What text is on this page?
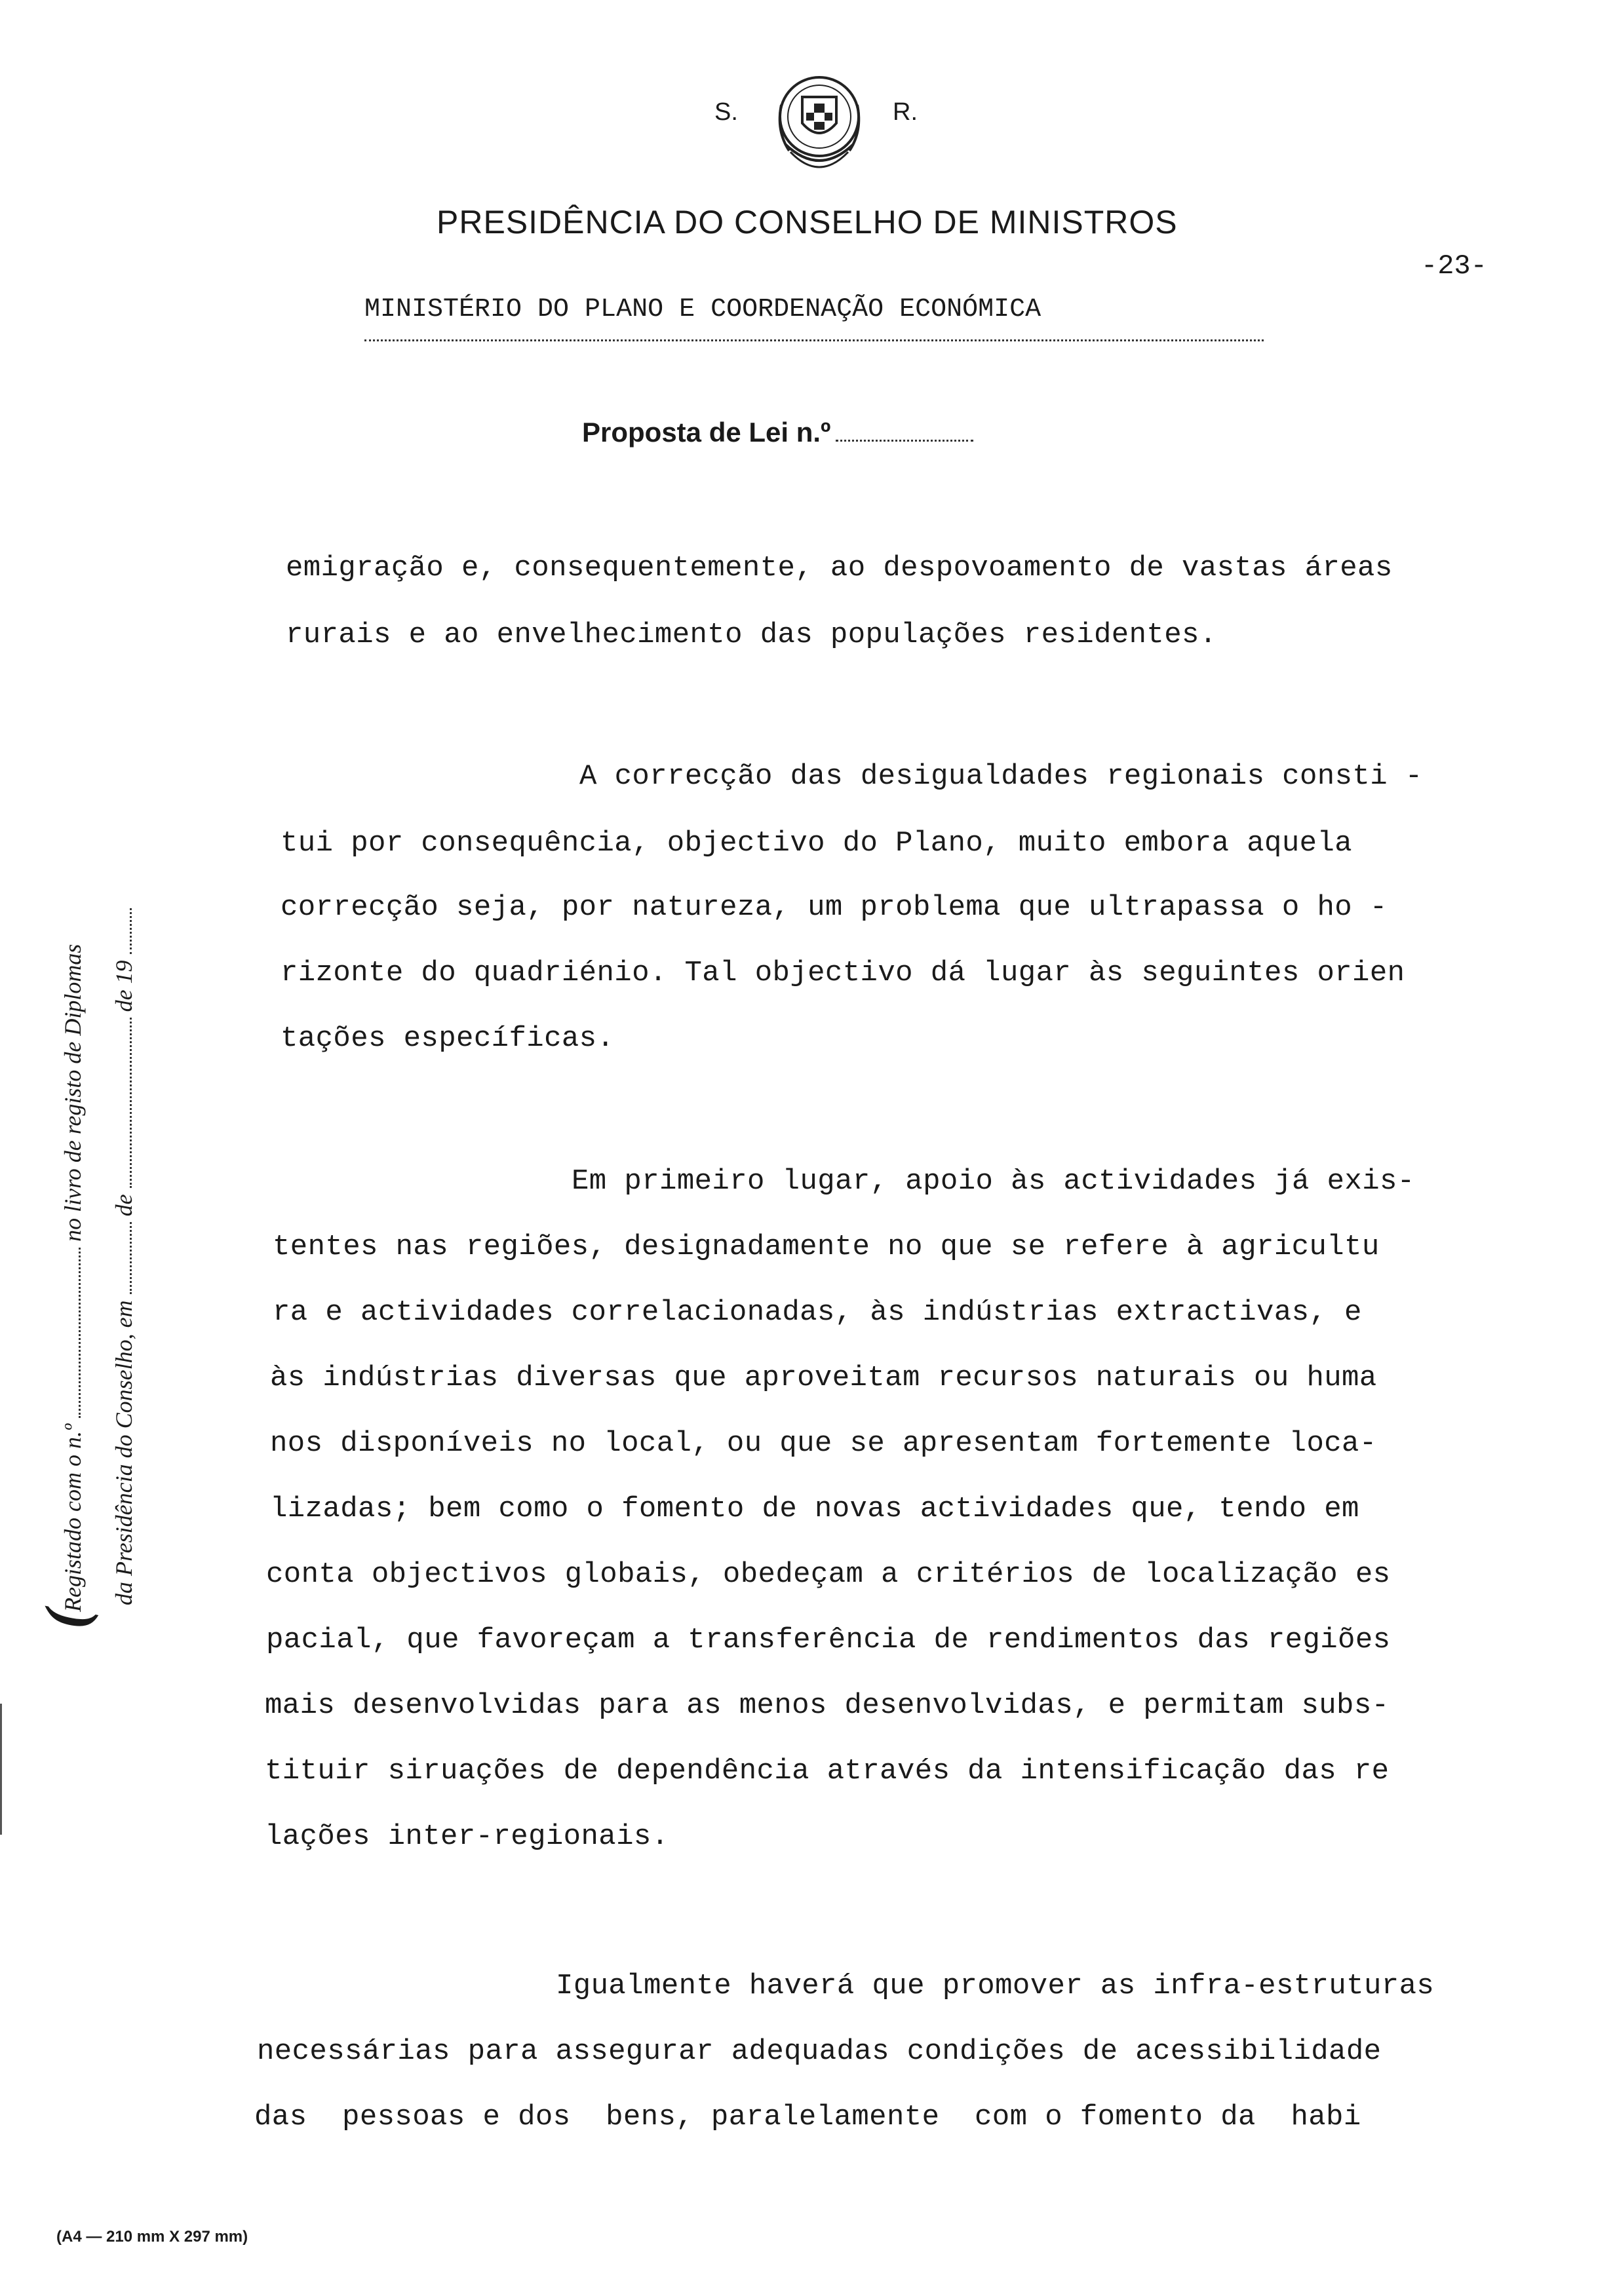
S.	R.
PRESIDÊNCIA DO CONSELHO DE MINISTROS
-23-
MINISTÉRIO DO PLANO E COORDENAÇÃO ECONÓMICA
Proposta de Lei n.º
emigração e, consequentemente, ao despovoamento de vastas áreas
rurais e ao envelhecimento das populações residentes.
A correcção das desigualdades regionais consti -
tui por consequência, objectivo do Plano, muito embora aquela
correcção seja, por natureza, um problema que ultrapassa o ho -
rizonte do quadriénio. Tal objectivo dá lugar às seguintes orien
tações específicas.
Em primeiro lugar, apoio às actividades já exis-
tentes nas regiões, designadamente no que se refere à agricultu
ra e actividades correlacionadas, às indústrias extractivas, e
às indústrias diversas que aproveitam recursos naturais ou huma
nos disponíveis no local, ou que se apresentam fortemente loca-
lizadas; bem como o fomento de novas actividades que, tendo em
conta objectivos globais, obedeçam a critérios de localização es
pacial, que favoreçam a transferência de rendimentos das regiões
mais desenvolvidas para as menos desenvolvidas, e permitam subs-
tituir siruações de dependência através da intensificação das re
lações inter-regionais.
Igualmente haverá que promover as infra-estruturas
necessárias para assegurar adequadas condições de acessibilidade
das  pessoas e dos  bens, paralelamente  com o fomento da  habi
(
Registado com o n.º  no livro de registo de Diplomas
da Presidência do Conselho, em  de  de 19
(A4 — 210 mm X 297 mm)
